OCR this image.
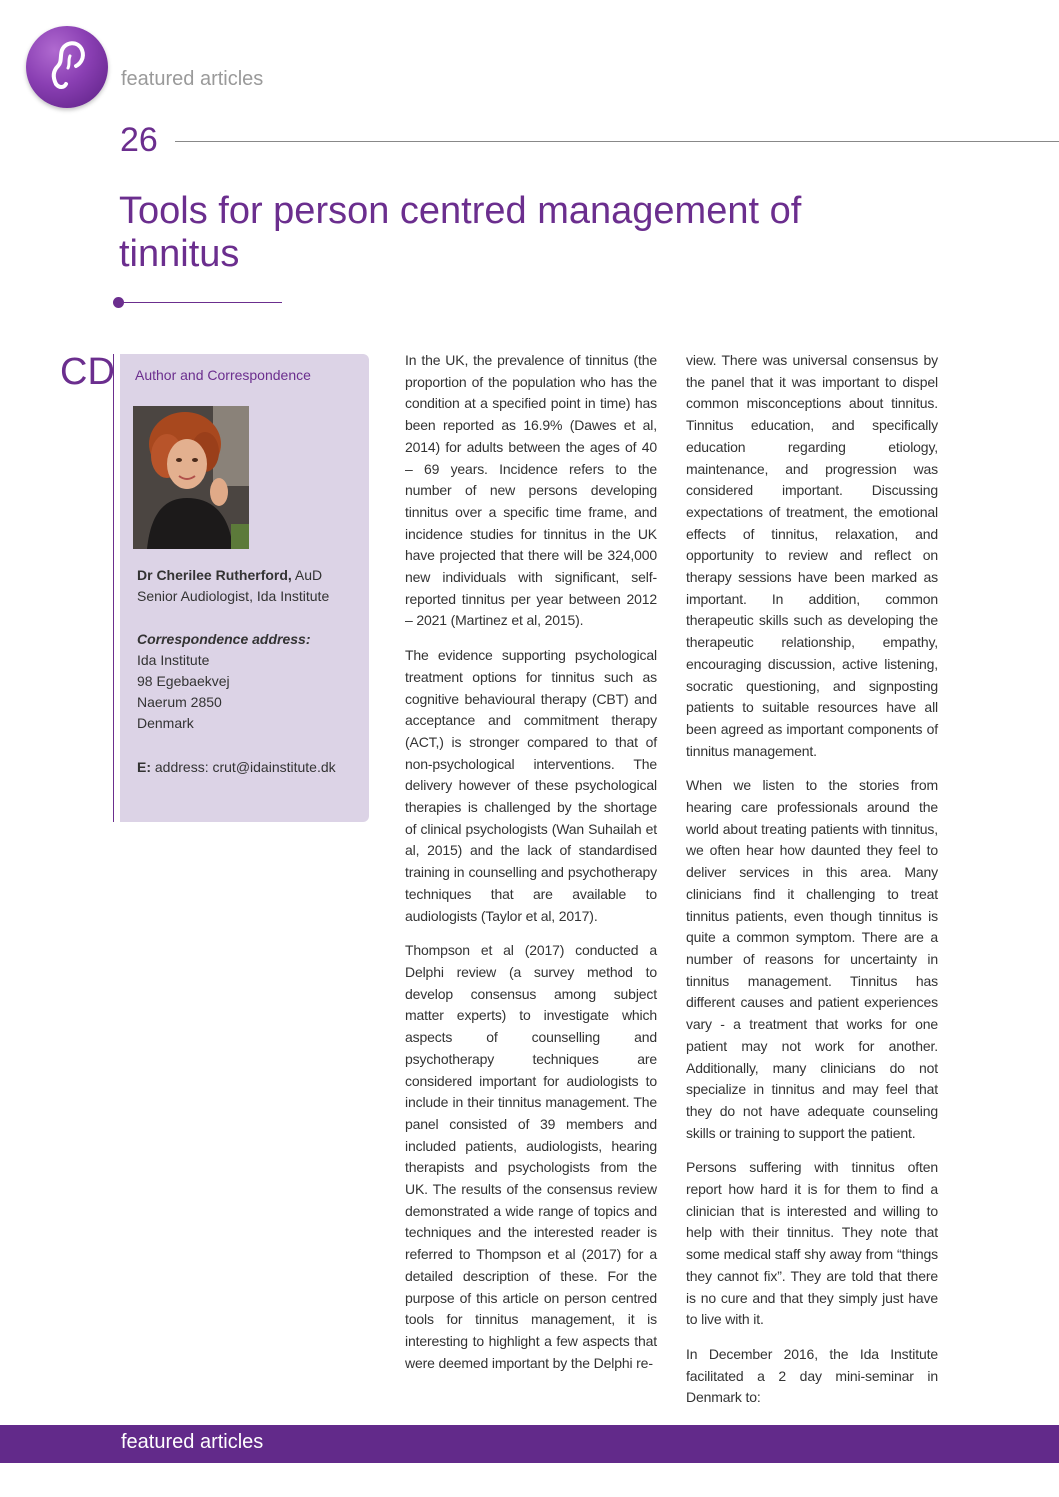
featured articles
26
Tools for person centred management of tinnitus
CD Author and Correspondence
Dr Cherilee Rutherford, AuD
Senior Audiologist, Ida Institute
Correspondence address:
Ida Institute
98 Egebaekvej
Naerum 2850
Denmark
E: address: crut@idainstitute.dk

In the UK, the prevalence of tinnitus (the proportion of the population who has the condition at a specified point in time) has been reported as 16.9% (Dawes et al, 2014) for adults between the ages of 40 – 69 years. Incidence refers to the number of new persons developing tinnitus over a specific time frame, and incidence studies for tinnitus in the UK have projected that there will be 324,000 new individuals with significant, self-reported tinnitus per year between 2012 – 2021 (Martinez et al, 2015).

The evidence supporting psychological treatment options for tinnitus such as cognitive behavioural therapy (CBT) and acceptance and commitment therapy (ACT,) is stronger compared to that of non-psychological interventions. The delivery however of these psychological therapies is challenged by the shortage of clinical psychologists (Wan Suhailah et al, 2015) and the lack of standardised training in counselling and psychotherapy techniques that are available to audiologists (Taylor et al, 2017).

Thompson et al (2017) conducted a Delphi review (a survey method to develop consensus among subject matter experts) to investigate which aspects of counselling and psychotherapy techniques are considered important for audiologists to include in their tinnitus management. The panel consisted of 39 members and included patients, audiologists, hearing therapists and psychologists from the UK. The results of the consensus review demonstrated a wide range of topics and techniques and the interested reader is referred to Thompson et al (2017) for a detailed description of these. For the purpose of this article on person centred tools for tinnitus management, it is interesting to highlight a few aspects that were deemed important by the Delphi re-

view. There was universal consensus by the panel that it was important to dispel common misconceptions about tinnitus. Tinnitus education, and specifically education regarding etiology, maintenance, and progression was considered important. Discussing expectations of treatment, the emotional effects of tinnitus, relaxation, and opportunity to review and reflect on therapy sessions have been marked as important. In addition, common therapeutic skills such as developing the therapeutic relationship, empathy, encouraging discussion, active listening, socratic questioning, and signposting patients to suitable resources have all been agreed as important components of tinnitus management.

When we listen to the stories from hearing care professionals around the world about treating patients with tinnitus, we often hear how daunted they feel to deliver services in this area. Many clinicians find it challenging to treat tinnitus patients, even though tinnitus is quite a common symptom. There are a number of reasons for uncertainty in tinnitus management. Tinnitus has different causes and patient experiences vary - a treatment that works for one patient may not work for another. Additionally, many clinicians do not specialize in tinnitus and may feel that they do not have adequate counseling skills or training to support the patient.

Persons suffering with tinnitus often report how hard it is for them to find a clinician that is interested and willing to help with their tinnitus. They note that some medical staff shy away from “things they cannot fix”. They are told that there is no cure and that they simply just have to live with it.

In December 2016, the Ida Institute facilitated a 2 day mini-seminar in Denmark to:

featured articles
